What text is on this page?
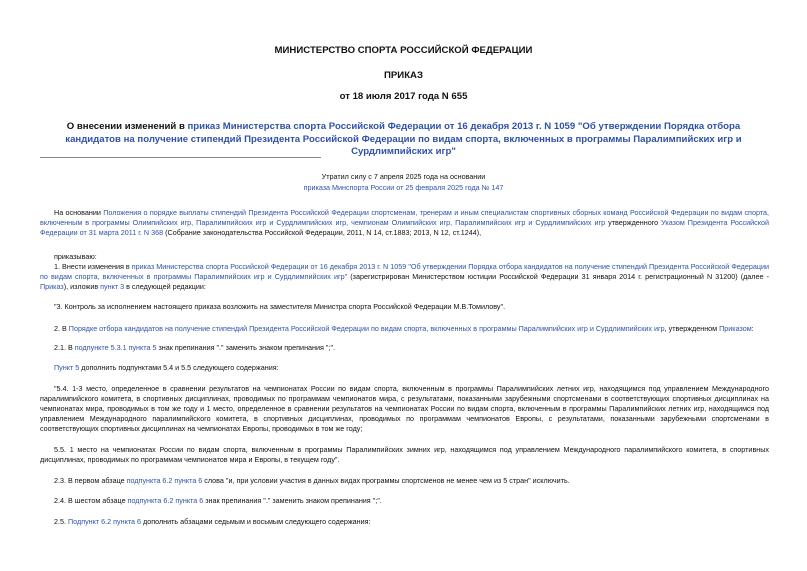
МИНИСТЕРСТВО СПОРТА РОССИЙСКОЙ ФЕДЕРАЦИИ
ПРИКАЗ
от 18 июля 2017 года N 655
О внесении изменений в приказ Министерства спорта Российской Федерации от 16 декабря 2013 г. N 1059 "Об утверждении Порядка отбора кандидатов на получение стипендий Президента Российской Федерации по видам спорта, включенных в программы Паралимпийских игр и Сурдлимпийских игр"
Утратил силу с 7 апреля 2025 года на основании
приказа Минспорта России от 25 февраля 2025 года № 147
На основании Положения о порядке выплаты стипендий Президента Российской Федерации спортсменам, тренерам и иным специалистам спортивных сборных команд Российской Федерации по видам спорта, включенным в программы Олимпийских игр, Паралимпийских игр и Сурдлимпийских игр, чемпионам Олимпийских игр, Паралимпийских игр и Сурдлимпийских игр утвержденного Указом Президента Российской Федерации от 31 марта 2011 г. N 368 (Собрание законодательства Российской Федерации, 2011, N 14, ст.1883; 2013, N 12, ст.1244),
приказываю:
1. Внести изменения в приказ Министерства спорта Российской Федерации от 16 декабря 2013 г. N 1059 "Об утверждении Порядка отбора кандидатов на получение стипендий Президента Российской Федерации по видам спорта, включенных в программы Паралимпийских игр и Сурдлимпийских игр" (зарегистрирован Министерством юстиции Российской Федерации 31 января 2014 г. регистрационный N 31200) (далее - Приказ), изложив пункт 3 в следующей редакции:
"3. Контроль за исполнением настоящего приказа возложить на заместителя Министра спорта Российской Федерации М.В.Томилову".
2. В Порядке отбора кандидатов на получение стипендий Президента Российской Федерации по видам спорта, включенных в программы Паралимпийских игр и Сурдлимпийских игр, утвержденном Приказом:
2.1. В подпункте 5.3.1 пункта 5 знак препинания "." заменить знаком препинания ";".
Пункт 5 дополнить подпунктами 5.4 и 5.5 следующего содержания:
"5.4. 1-3 место, определенное в сравнении результатов на чемпионатах России по видам спорта, включенным в программы Паралимпийских летних игр, находящимся под управлением Международного паралимпийского комитета, в спортивных дисциплинах, проводимых по программам чемпионатов мира, с результатами, показанными зарубежными спортсменами в соответствующих спортивных дисциплинах на чемпионатах мира, проводимых в том же году и 1 место, определенное в сравнении результатов на чемпионатах России по видам спорта, включенным в программы Паралимпийских летних игр, находящимся под управлением Международного паралимпийского комитета, в спортивных дисциплинах, проводимых по программам чемпионатов Европы, с результатами, показанными зарубежными спортсменами в соответствующих спортивных дисциплинах на чемпионатах Европы, проводимых в том же году;
5.5. 1 место на чемпионатах России по видам спорта, включенным в программы Паралимпийских зимних игр, находящимся под управлением Международного паралимпийского комитета, в спортивных дисциплинах, проводимых по программам чемпионатов мира и Европы, в текущем году".
2.3. В первом абзаце подпункта 6.2 пункта 6 слова "и, при условии участия в данных видах программы спортсменов не менее чем из 5 стран" исключить.
2.4. В шестом абзаце подпункта 6.2 пункта 6 знак препинания "." заменить знаком препинания ";".
2.5. Подпункт 6.2 пункта 6 дополнить абзацами седьмым и восьмым следующего содержания:
